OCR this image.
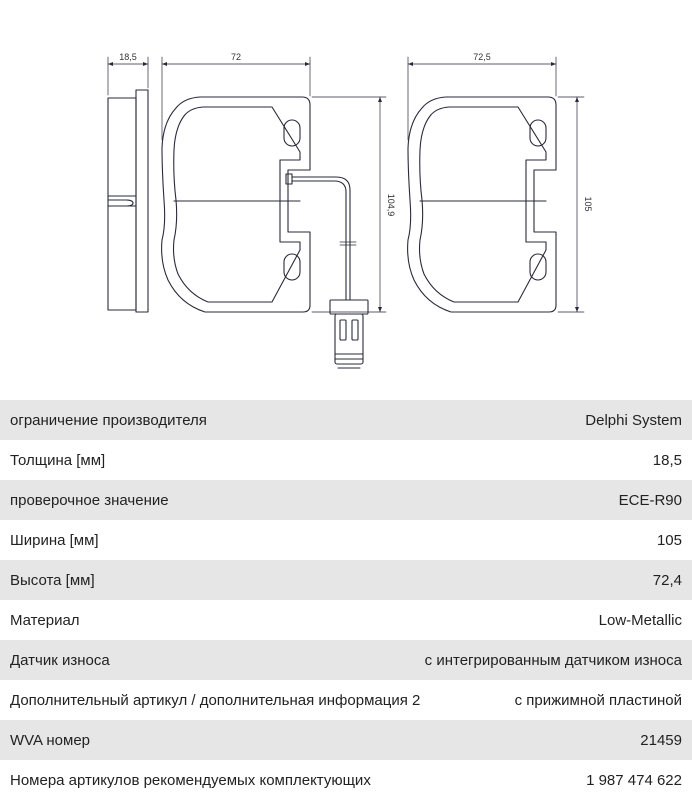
18,5	72
104,9
72,5
105
ограничение производителя	Delphi System
Толщина [мм]	18,5
проверочное значение	ECE-R90
Ширина [мм]	105
Высота [мм]	72,4
Материал	Low-Metallic
Датчик износа	с интегрированным датчиком износа
Дополнительный артикул / дополнительная информация 2	с прижимной пластиной
WVA номер	21459
Номера артикулов рекомендуемых комплектующих	1 987 474 622
